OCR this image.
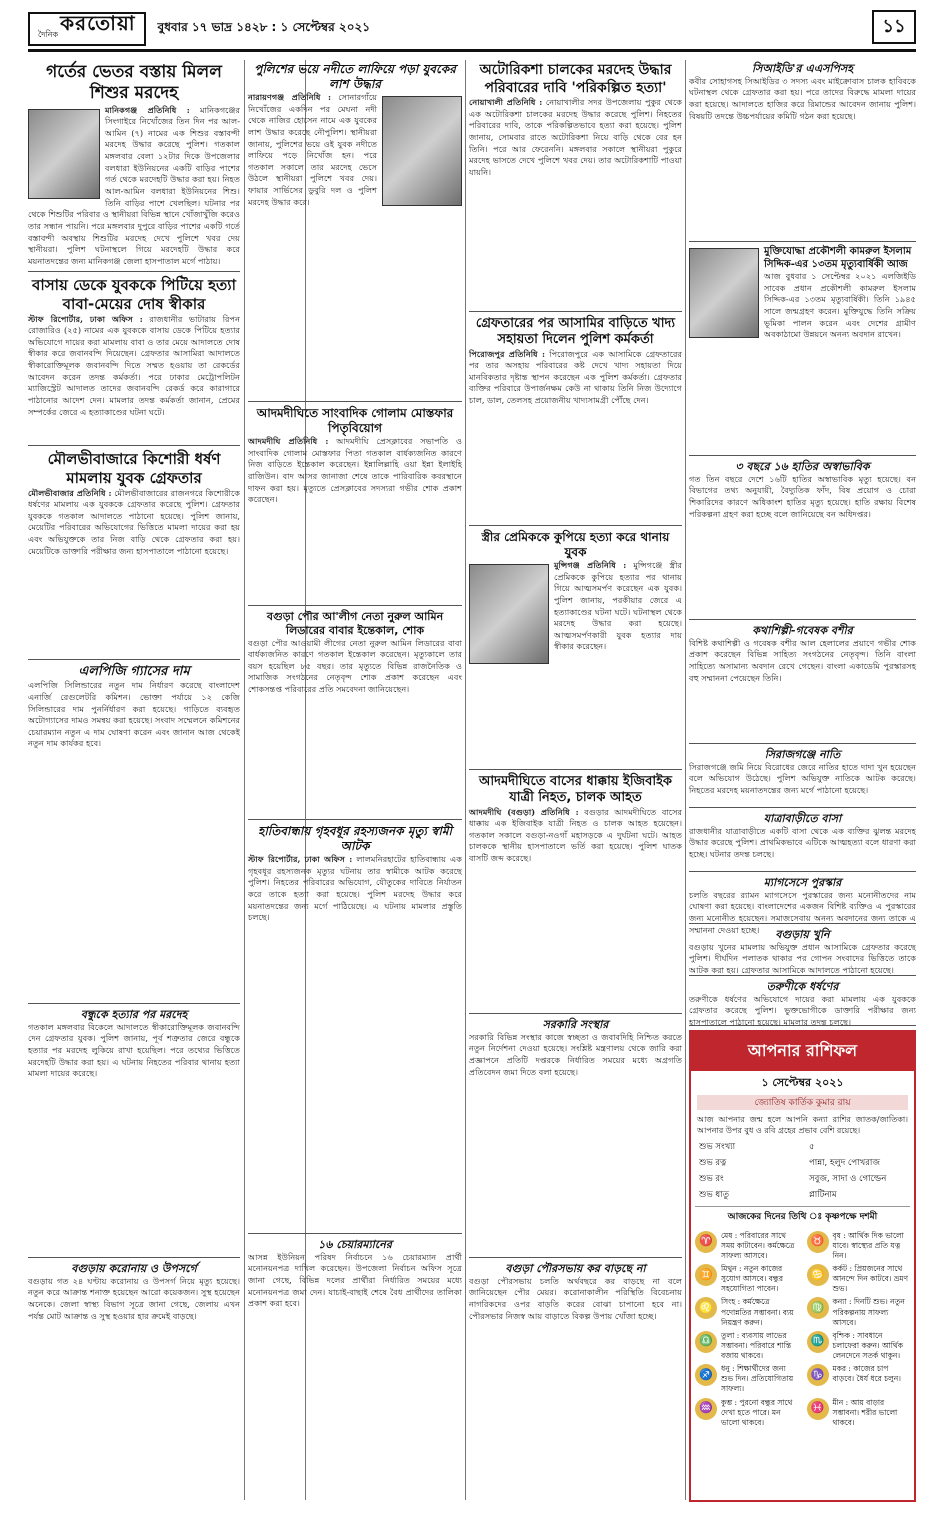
দৈনিক করতোয়া বুধবার ১৭ ভাদ্র ১৪২৮ : ১ সেপ্টেম্বর ২০২১	১১
গর্তের ভেতর বস্তায় মিলল শিশুর মরদেহ
মানিকগঞ্জ প্রতিনিধি : মানিকগঞ্জের সিংগাইরে নিখোঁজের তিন দিন পর আল-আমিন (৭) নামের এক শিশুর বস্তাবন্দী মরদেহ উদ্ধার করেছে পুলিশ। গতকাল মঙ্গলবার বেলা ১২টার দিকে উপজেলার বলধারা ইউনিয়নের একটি বাড়ির পাশের গর্ত থেকে মরদেহটি উদ্ধার করা হয়। নিহত আল-আমিন বলধারা ইউনিয়নের শিশু। তিনি বাড়ির পাশে খেলছিল। ঘটনার পর থেকে শিশুটির পরিবার ও স্থানীয়রা বিভিন্ন স্থানে খোঁজাখুঁজি করেও তার সন্ধান পায়নি। পরে মঙ্গলবার দুপুরে বাড়ির পাশের একটি গর্তে বস্তাবন্দী অবস্থায় শিশুটির মরদেহ দেখে পুলিশে খবর দেয় স্থানীয়রা। পুলিশ ঘটনাস্থলে গিয়ে মরদেহটি উদ্ধার করে ময়নাতদন্তের জন্য মানিকগঞ্জ জেলা হাসপাতাল মর্গে পাঠায়।
বাসায় ডেকে যুবককে পিটিয়ে হত্যা বাবা-মেয়ের দোষ স্বীকার
স্টাফ রিপোর্টার, ঢাকা অফিস : রাজধানীর ভাটারায় রিপন রোজারিও (২৫) নামের এক যুবককে বাসায় ডেকে পিটিয়ে হত্যার অভিযোগে দায়ের করা মামলায় বাবা ও তার মেয়ে আদালতে দোষ স্বীকার করে জবানবন্দি দিয়েছেন। গ্রেফতার আসামিরা আদালতে স্বীকারোক্তিমূলক জবানবন্দি দিতে সম্মত হওয়ায় তা রেকর্ডের আবেদন করেন তদন্ত কর্মকর্তা। পরে ঢাকার মেট্রোপলিটন ম্যাজিস্ট্রেট আদালত তাদের জবানবন্দি রেকর্ড করে কারাগারে পাঠানোর আদেশ দেন। মামলার তদন্ত কর্মকর্তা জানান, প্রেমের সম্পর্কের জেরে এ হত্যাকাণ্ডের ঘটনা ঘটে।
মৌলভীবাজারে কিশোরী ধর্ষণ মামলায় যুবক গ্রেফতার
মৌলভীবাজার প্রতিনিধি : মৌলভীবাজারের রাজনগরে কিশোরীকে ধর্ষণের মামলায় এক যুবককে গ্রেফতার করেছে পুলিশ। গ্রেফতার যুবককে গতকাল আদালতে পাঠানো হয়েছে। পুলিশ জানায়, মেয়েটির পরিবারের অভিযোগের ভিত্তিতে মামলা দায়ের করা হয় এবং অভিযুক্তকে তার নিজ বাড়ি থেকে গ্রেফতার করা হয়। মেয়েটিকে ডাক্তারি পরীক্ষার জন্য হাসপাতালে পাঠানো হয়েছে।
এলপিজি গ্যাসের দাম
এলপিজি সিলিন্ডারের নতুন দাম নির্ধারণ করেছে বাংলাদেশ এনার্জি রেগুলেটরি কমিশন। ভোক্তা পর্যায়ে ১২ কেজি সিলিন্ডারের দাম পুনর্নির্ধারণ করা হয়েছে। গাড়িতে ব্যবহৃত অটোগ্যাসের দামও সমন্বয় করা হয়েছে। সংবাদ সম্মেলনে কমিশনের চেয়ারম্যান নতুন এ দাম ঘোষণা করেন এবং জানান আজ থেকেই নতুন দাম কার্যকর হবে।
বন্ধুকে হত্যার পর মরদেহ
গতকাল মঙ্গলবার বিকেলে আদালতে স্বীকারোক্তিমূলক জবানবন্দি দেন গ্রেফতার যুবক। পুলিশ জানায়, পূর্ব শত্রুতার জেরে বন্ধুকে হত্যার পর মরদেহ লুকিয়ে রাখা হয়েছিল। পরে তথ্যের ভিত্তিতে মরদেহটি উদ্ধার করা হয়। এ ঘটনায় নিহতের পরিবার থানায় হত্যা মামলা দায়ের করেছে।
বগুড়ায় করোনায় ও উপসর্গে
বগুড়ায় গত ২৪ ঘণ্টায় করোনায় ও উপসর্গ নিয়ে মৃত্যু হয়েছে। নতুন করে আক্রান্ত শনাক্ত হয়েছেন আরো কয়েকজন। সুস্থ হয়েছেন অনেকে। জেলা স্বাস্থ্য বিভাগ সূত্রে জানা গেছে, জেলায় এখন পর্যন্ত মোট আক্রান্ত ও সুস্থ হওয়ার হার ক্রমেই বাড়ছে।
পুলিশের ভয়ে নদীতে লাফিয়ে পড়া যুবকের লাশ উদ্ধার
নারায়ণগঞ্জ প্রতিনিধি : সোনারগাঁয়ে নিখোঁজের একদিন পর মেঘনা নদী থেকে নাজির হোসেন নামে এক যুবকের লাশ উদ্ধার করেছে নৌপুলিশ। স্থানীয়রা জানায়, পুলিশের ভয়ে ওই যুবক নদীতে লাফিয়ে পড়ে নিখোঁজ হন। পরে গতকাল সকালে তার মরদেহ ভেসে উঠলে স্থানীয়রা পুলিশে খবর দেয়। ফায়ার সার্ভিসের ডুবুরি দল ও পুলিশ মরদেহ উদ্ধার করে।
আদমদীঘিতে সাংবাদিক গোলাম মোস্তফার পিতৃবিয়োগ
আদমদীঘি প্রতিনিধি : আদমদীঘি প্রেসক্লাবের সভাপতি ও সাংবাদিক গোলাম মোস্তফার পিতা গতকাল বার্ধক্যজনিত কারণে নিজ বাড়িতে ইন্তেকাল করেছেন। ইন্নালিল্লাহি ওয়া ইন্না ইলাইহি রাজিউন। বাদ আসর জানাজা শেষে তাকে পারিবারিক কবরস্থানে দাফন করা হয়। মৃত্যুতে প্রেসক্লাবের সদস্যরা গভীর শোক প্রকাশ করেছেন।
বগুড়া পৌর আ'লীগ নেতা নুরুল আমিন লিডারের বাবার ইন্তেকাল, শোক
বগুড়া পৌর আওয়ামী লীগের নেতা নুরুল আমিন লিডারের বাবা বার্ধক্যজনিত কারণে গতকাল ইন্তেকাল করেছেন। মৃত্যুকালে তার বয়স হয়েছিল ৮৫ বছর। তার মৃত্যুতে বিভিন্ন রাজনৈতিক ও সামাজিক সংগঠনের নেতৃবৃন্দ শোক প্রকাশ করেছেন এবং শোকসন্তপ্ত পরিবারের প্রতি সমবেদনা জানিয়েছেন।
হাতিবান্ধায় গৃহবধূর রহস্যজনক মৃত্যু স্বামী আটক
স্টাফ রিপোর্টার, ঢাকা অফিস : লালমনিরহাটের হাতিবান্ধায় এক গৃহবধূর রহস্যজনক মৃত্যুর ঘটনায় তার স্বামীকে আটক করেছে পুলিশ। নিহতের পরিবারের অভিযোগ, যৌতুকের দাবিতে নির্যাতন করে তাকে হত্যা করা হয়েছে। পুলিশ মরদেহ উদ্ধার করে ময়নাতদন্তের জন্য মর্গে পাঠিয়েছে। এ ঘটনায় মামলার প্রস্তুতি চলছে।
১৬ চেয়ারম্যানের
আসন্ন ইউনিয়ন পরিষদ নির্বাচনে ১৬ চেয়ারম্যান প্রার্থী মনোনয়নপত্র দাখিল করেছেন। উপজেলা নির্বাচন অফিস সূত্রে জানা গেছে, বিভিন্ন দলের প্রার্থীরা নির্ধারিত সময়ের মধ্যে মনোনয়নপত্র জমা দেন। যাচাই-বাছাই শেষে বৈধ প্রার্থীদের তালিকা প্রকাশ করা হবে।
অটোরিকশা চালকের মরদেহ উদ্ধার পরিবারের দাবি 'পরিকল্পিত হত্যা'
নোয়াখালী প্রতিনিধি : নোয়াখালীর সদর উপজেলায় পুকুর থেকে এক অটোরিকশা চালকের মরদেহ উদ্ধার করেছে পুলিশ। নিহতের পরিবারের দাবি, তাকে পরিকল্পিতভাবে হত্যা করা হয়েছে। পুলিশ জানায়, সোমবার রাতে অটোরিকশা নিয়ে বাড়ি থেকে বের হন তিনি। পরে আর ফেরেননি। মঙ্গলবার সকালে স্থানীয়রা পুকুরে মরদেহ ভাসতে দেখে পুলিশে খবর দেয়। তার অটোরিকশাটি পাওয়া যায়নি।
গ্রেফতারের পর আসামির বাড়িতে খাদ্য সহায়তা দিলেন পুলিশ কর্মকর্তা
পিরোজপুর প্রতিনিধি : পিরোজপুরে এক আসামিকে গ্রেফতারের পর তার অসহায় পরিবারের কষ্ট দেখে খাদ্য সহায়তা দিয়ে মানবিকতার দৃষ্টান্ত স্থাপন করেছেন এক পুলিশ কর্মকর্তা। গ্রেফতার ব্যক্তির পরিবারে উপার্জনক্ষম কেউ না থাকায় তিনি নিজ উদ্যোগে চাল, ডাল, তেলসহ প্রয়োজনীয় খাদ্যসামগ্রী পৌঁছে দেন।
স্ত্রীর প্রেমিককে কুপিয়ে হত্যা করে থানায় যুবক
মুন্সিগঞ্জ প্রতিনিধি : মুন্সিগঞ্জে স্ত্রীর প্রেমিককে কুপিয়ে হত্যার পর থানায় গিয়ে আত্মসমর্পণ করেছেন এক যুবক। পুলিশ জানায়, পরকীয়ার জেরে এ হত্যাকাণ্ডের ঘটনা ঘটে। ঘটনাস্থল থেকে মরদেহ উদ্ধার করা হয়েছে। আত্মসমর্পণকারী যুবক হত্যার দায় স্বীকার করেছেন।
আদমদীঘিতে বাসের ধাক্কায় ইজিবাইক যাত্রী নিহত, চালক আহত
আদমদীঘি (বগুড়া) প্রতিনিধি : বগুড়ার আদমদীঘিতে বাসের ধাক্কায় এক ইজিবাইক যাত্রী নিহত ও চালক আহত হয়েছেন। গতকাল সকালে বগুড়া-নওগাঁ মহাসড়কে এ দুর্ঘটনা ঘটে। আহত চালককে স্থানীয় হাসপাতালে ভর্তি করা হয়েছে। পুলিশ ঘাতক বাসটি জব্দ করেছে।
সরকারি সংস্থার
সরকারি বিভিন্ন সংস্থার কাজে স্বচ্ছতা ও জবাবদিহি নিশ্চিত করতে নতুন নির্দেশনা দেওয়া হয়েছে। সংশ্লিষ্ট মন্ত্রণালয় থেকে জারি করা প্রজ্ঞাপনে প্রতিটি দপ্তরকে নির্ধারিত সময়ের মধ্যে অগ্রগতি প্রতিবেদন জমা দিতে বলা হয়েছে।
বগুড়া পৌরসভায় কর বাড়ছে না
বগুড়া পৌরসভায় চলতি অর্থবছরে কর বাড়ছে না বলে জানিয়েছেন পৌর মেয়র। করোনাকালীন পরিস্থিতি বিবেচনায় নাগরিকদের ওপর বাড়তি করের বোঝা চাপানো হবে না। পৌরসভার নিজস্ব আয় বাড়াতে বিকল্প উপায় খোঁজা হচ্ছে।
সিআইডি'র এএসপিসহ
কবীর সোহাগসহ সিআইডির ৩ সদস্য এবং মাইক্রোবাস চালক হাবিবকে ঘটনাস্থল থেকে গ্রেফতার করা হয়। পরে তাদের বিরুদ্ধে মামলা দায়ের করা হয়েছে। আদালতে হাজির করে রিমান্ডের আবেদন জানায় পুলিশ। বিষয়টি তদন্তে উচ্চপর্যায়ের কমিটি গঠন করা হয়েছে।
মুক্তিযোদ্ধা প্রকৌশলী কামরুল ইসলাম সিদ্দিক-এর ১৩তম মৃত্যুবার্ষিকী আজ
আজ বুধবার ১ সেপ্টেম্বর ২০২১ এলজিইডি সাবেক প্রধান প্রকৌশলী কামরুল ইসলাম সিদ্দিক-এর ১৩তম মৃত্যুবার্ষিকী। তিনি ১৯৪৫ সালে জন্মগ্রহণ করেন। মুক্তিযুদ্ধে তিনি সক্রিয় ভূমিকা পালন করেন এবং দেশের গ্রামীণ অবকাঠামো উন্নয়নে অনন্য অবদান রাখেন।
৩ বছরে ১৬ হাতির অস্বাভাবিক
গত তিন বছরে দেশে ১৬টি হাতির অস্বাভাবিক মৃত্যু হয়েছে। বন বিভাগের তথ্য অনুযায়ী, বৈদ্যুতিক ফাঁদ, বিষ প্রয়োগ ও চোরা শিকারিদের কারণে অধিকাংশ হাতির মৃত্যু হয়েছে। হাতি রক্ষায় বিশেষ পরিকল্পনা গ্রহণ করা হচ্ছে বলে জানিয়েছে বন অধিদপ্তর।
কথাশিল্পী-গবেষক বশীর
বিশিষ্ট কথাশিল্পী ও গবেষক বশীর আল হেলালের প্রয়াণে গভীর শোক প্রকাশ করেছেন বিভিন্ন সাহিত্য সংগঠনের নেতৃবৃন্দ। তিনি বাংলা সাহিত্যে অসামান্য অবদান রেখে গেছেন। বাংলা একাডেমি পুরস্কারসহ বহু সম্মাননা পেয়েছেন তিনি।
সিরাজগঞ্জে নাতি
সিরাজগঞ্জে জমি নিয়ে বিরোধের জেরে নাতির হাতে দাদা খুন হয়েছেন বলে অভিযোগ উঠেছে। পুলিশ অভিযুক্ত নাতিকে আটক করেছে। নিহতের মরদেহ ময়নাতদন্তের জন্য মর্গে পাঠানো হয়েছে।
যাত্রাবাড়ীতে বাসা
রাজধানীর যাত্রাবাড়ীতে একটি বাসা থেকে এক ব্যক্তির ঝুলন্ত মরদেহ উদ্ধার করেছে পুলিশ। প্রাথমিকভাবে এটিকে আত্মহত্যা বলে ধারণা করা হচ্ছে। ঘটনার তদন্ত চলছে।
ম্যাগসেসে পুরস্কার
চলতি বছরের র‍্যামন ম্যাগসেসে পুরস্কারের জন্য মনোনীতদের নাম ঘোষণা করা হয়েছে। বাংলাদেশের একজন বিশিষ্ট ব্যক্তিও এ পুরস্কারের জন্য মনোনীত হয়েছেন। সমাজসেবায় অনন্য অবদানের জন্য তাকে এ সম্মাননা দেওয়া হচ্ছে।	বগুড়ায় খুনি
বগুড়ায় খুনের মামলায় অভিযুক্ত প্রধান আসামিকে গ্রেফতার করেছে পুলিশ। দীর্ঘদিন পলাতক থাকার পর গোপন সংবাদের ভিত্তিতে তাকে আটক করা হয়। গ্রেফতার আসামিকে আদালতে পাঠানো হয়েছে।
তরুণীকে ধর্ষণের
তরুণীকে ধর্ষণের অভিযোগে দায়ের করা মামলায় এক যুবককে গ্রেফতার করেছে পুলিশ। ভুক্তভোগীকে ডাক্তারি পরীক্ষার জন্য হাসপাতালে পাঠানো হয়েছে। মামলার তদন্ত চলছে।
আপনার রাশিফল
১ সেপ্টেম্বর ২০২১
জ্যোতিষ কার্তিক কুমার রায়
আজ আপনার জন্ম হলে আপনি কন্যা রাশির জাতক/জাতিকা। আপনার উপর বুধ ও রবি গ্রহের প্রভাব বেশি রয়েছে।
শুভ সংখ্যা	৫
শুভ রত্ন	পান্না, হলুদ পোখরাজ
শুভ রং	সবুজ, সাদা ও গোল্ডেন
শুভ ধাতু	প্লাটিনাম
আজকের দিনের তিথি ঃ কৃষ্ণপক্ষে দশমী
♈	মেষ : পরিবারের সাথে সময় কাটাবেন। কর্মক্ষেত্রে সাফল্য আসবে।
♉	বৃষ : আর্থিক দিক ভালো যাবে। স্বাস্থ্যের প্রতি যত্ন নিন।
♊	মিথুন : নতুন কাজের সুযোগ আসবে। বন্ধুর সহযোগিতা পাবেন।
♋	কর্কট : প্রিয়জনের সাথে আনন্দে দিন কাটবে। ভ্রমণ শুভ।
♌	সিংহ : কর্মক্ষেত্রে পদোন্নতির সম্ভাবনা। ব্যয় নিয়ন্ত্রণ করুন।
♍	কন্যা : দিনটি শুভ। নতুন পরিকল্পনায় সাফল্য আসবে।
♎	তুলা : ব্যবসায় লাভের সম্ভাবনা। পরিবারে শান্তি বজায় থাকবে।
♏	বৃশ্চিক : সাবধানে চলাফেরা করুন। আর্থিক লেনদেনে সতর্ক থাকুন।
♐	ধনু : শিক্ষার্থীদের জন্য শুভ দিন। প্রতিযোগিতায় সাফল্য।
♑	মকর : কাজের চাপ বাড়বে। ধৈর্য ধরে চলুন।
♒	কুম্ভ : পুরনো বন্ধুর সাথে দেখা হতে পারে। মন ভালো থাকবে।
♓	মীন : আয় বাড়ার সম্ভাবনা। শরীর ভালো থাকবে।
